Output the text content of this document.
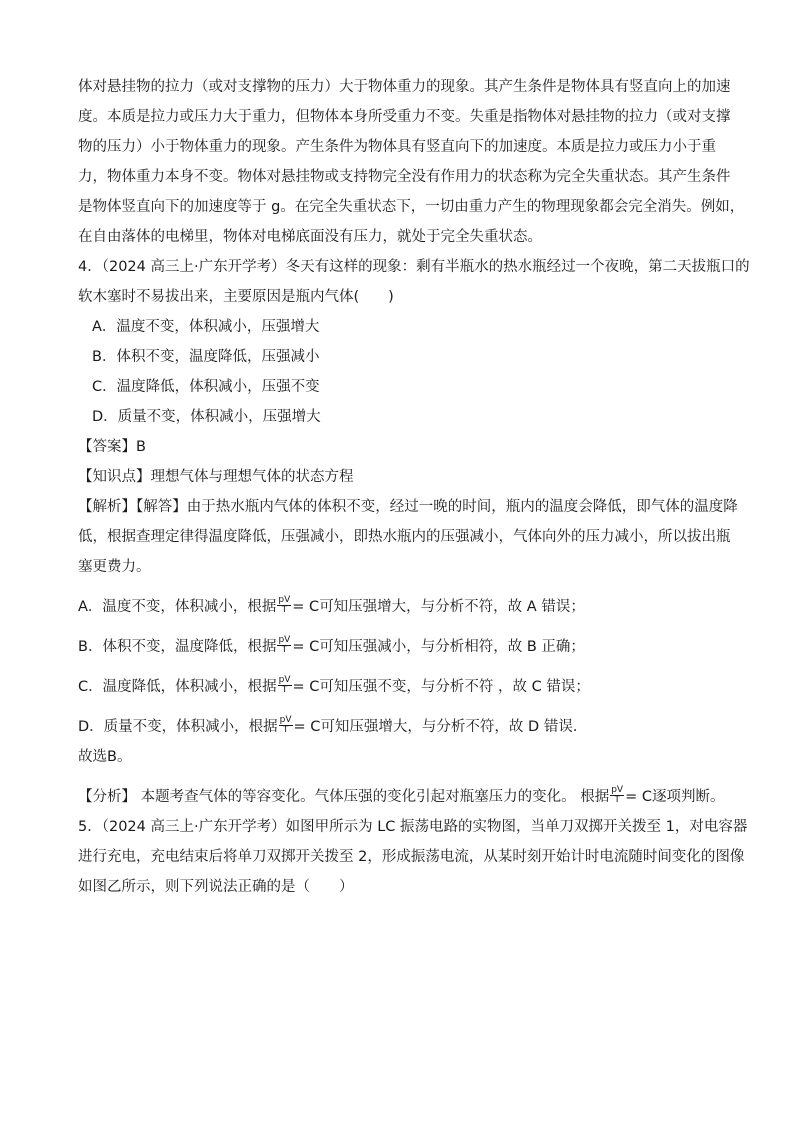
体对悬挂物的拉力（或对支撑物的压力）大于物体重力的现象。其产生条件是物体具有竖直向上的加速

度。本质是拉力或压力大于重力，但物体本身所受重力不变。失重是指物体对悬挂物的拉力（或对支撑

物的压力）小于物体重力的现象。产生条件为物体具有竖直向下的加速度。本质是拉力或压力小于重

力，物体重力本身不变。物体对悬挂物或支持物完全没有作用力的状态称为完全失重状态。其产生条件

是物体竖直向下的加速度等于 g。在完全失重状态下，一切由重力产生的物理现象都会完全消失。例如，

在自由落体的电梯里，物体对电梯底面没有压力，就处于完全失重状态。

4．（2024 高三上·广东开学考）冬天有这样的现象：剩有半瓶水的热水瓶经过一个夜晚，第二天拔瓶口的

软木塞时不易拔出来，主要原因是瓶内气体(　　)

A．温度不变，体积减小，压强增大

B．体积不变，温度降低，压强减小

C．温度降低，体积减小，压强不变

D．质量不变，体积减小，压强增大

【答案】B

【知识点】理想气体与理想气体的状态方程

【解析】【解答】由于热水瓶内气体的体积不变，经过一晚的时间，瓶内的温度会降低，即气体的温度降

低，根据查理定律得温度降低，压强减小，即热水瓶内的压强减小，气体向外的压力减小，所以拔出瓶

塞更费力。

A．温度不变，体积减小，根据 $\frac{pV}{T} = C$可知压强增大，与分析不符，故 A 错误；

B．体积不变，温度降低，根据 $\frac{pV}{T} = C$可知压强减小，与分析相符，故 B 正确；

C．温度降低，体积减小，根据 $\frac{pV}{T} = C$可知压强不变，与分析不符 ，故 C 错误；

D．质量不变，体积减小，根据 $\frac{pV}{T} = C$可知压强增大，与分析不符，故 D 错误．

故选B。

【分析】 本题考查气体的等容变化。气体压强的变化引起对瓶塞压力的变化。 根据 $\frac{pV}{T} = C$逐项判断。

5．（2024 高三上·广东开学考）如图甲所示为 LC 振荡电路的实物图，当单刀双掷开关拨至 1，对电容器

进行充电，充电结束后将单刀双掷开关拨至 2，形成振荡电流，从某时刻开始计时电流随时间变化的图像

如图乙所示，则下列说法正确的是（　　）
